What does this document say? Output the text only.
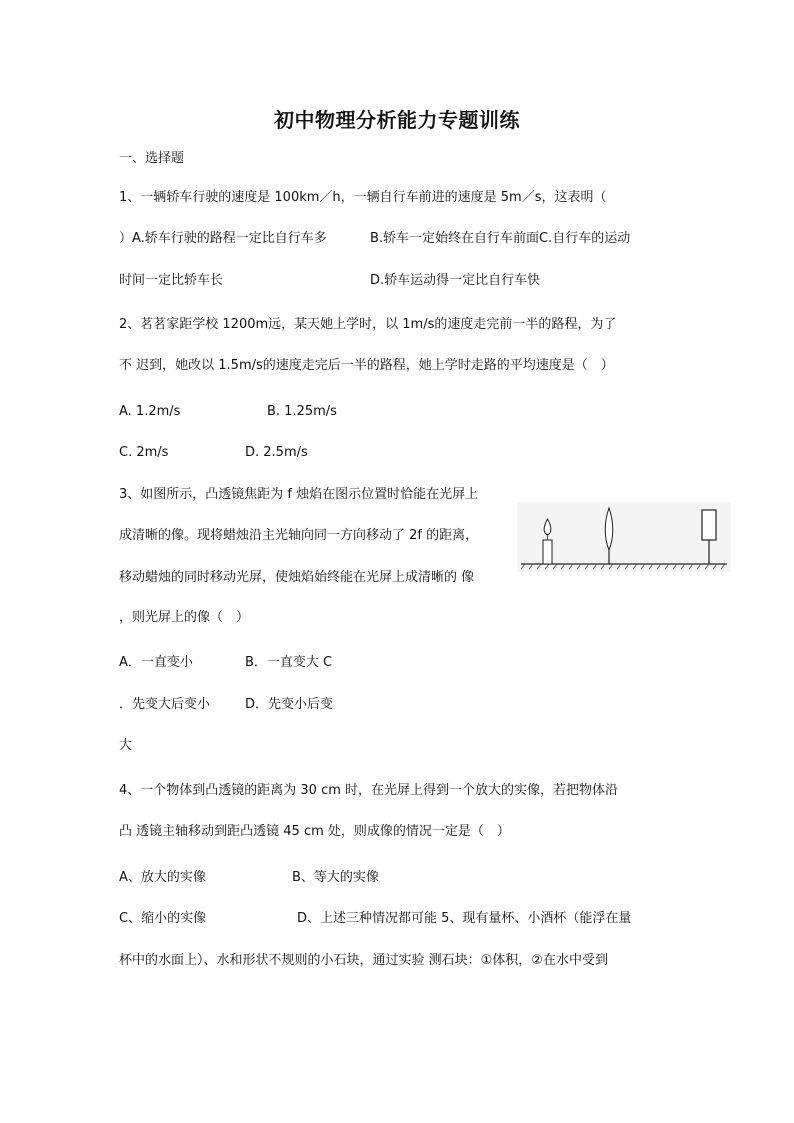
初中物理分析能力专题训练
一、选择题
1、一辆轿车行驶的速度是 100km／h，一辆自行车前进的速度是 5m／s，这表明（
）A.轿车行驶的路程一定比自行车多	B.轿车一定始终在自行车前面C.自行车的运动
时间一定比轿车长	D.轿车运动得一定比自行车快
2、茗茗家距学校 1200m远，某天她上学时，以 1m/s的速度走完前一半的路程，为了
不 迟到，她改以 1.5m/s的速度走完后一半的路程，她上学时走路的平均速度是（　）
A. 1.2m/s	B. 1.25m/s
C. 2m/s	D. 2.5m/s
3、如图所示，凸透镜焦距为 f 烛焰在图示位置时恰能在光屏上
成清晰的像。现将蜡烛沿主光轴向同一方向移动了 2f 的距离，
移动蜡烛的同时移动光屏，使烛焰始终能在光屏上成清晰的 像
，则光屏上的像（　）
A．一直变小	B．一直变大 C
．先变大后变小	D．先变小后变
大
4、一个物体到凸透镜的距离为 30 cm 时，在光屏上得到一个放大的实像，若把物体沿
凸 透镜主轴移动到距凸透镜 45 cm 处，则成像的情况一定是（　）
A、放大的实像	B、等大的实像
C、缩小的实像	D、上述三种情况都可能 5、现有量杯、小酒杯（能浮在量
杯中的水面上）、水和形状不规则的小石块，通过实验 测石块：①体积，②在水中受到
